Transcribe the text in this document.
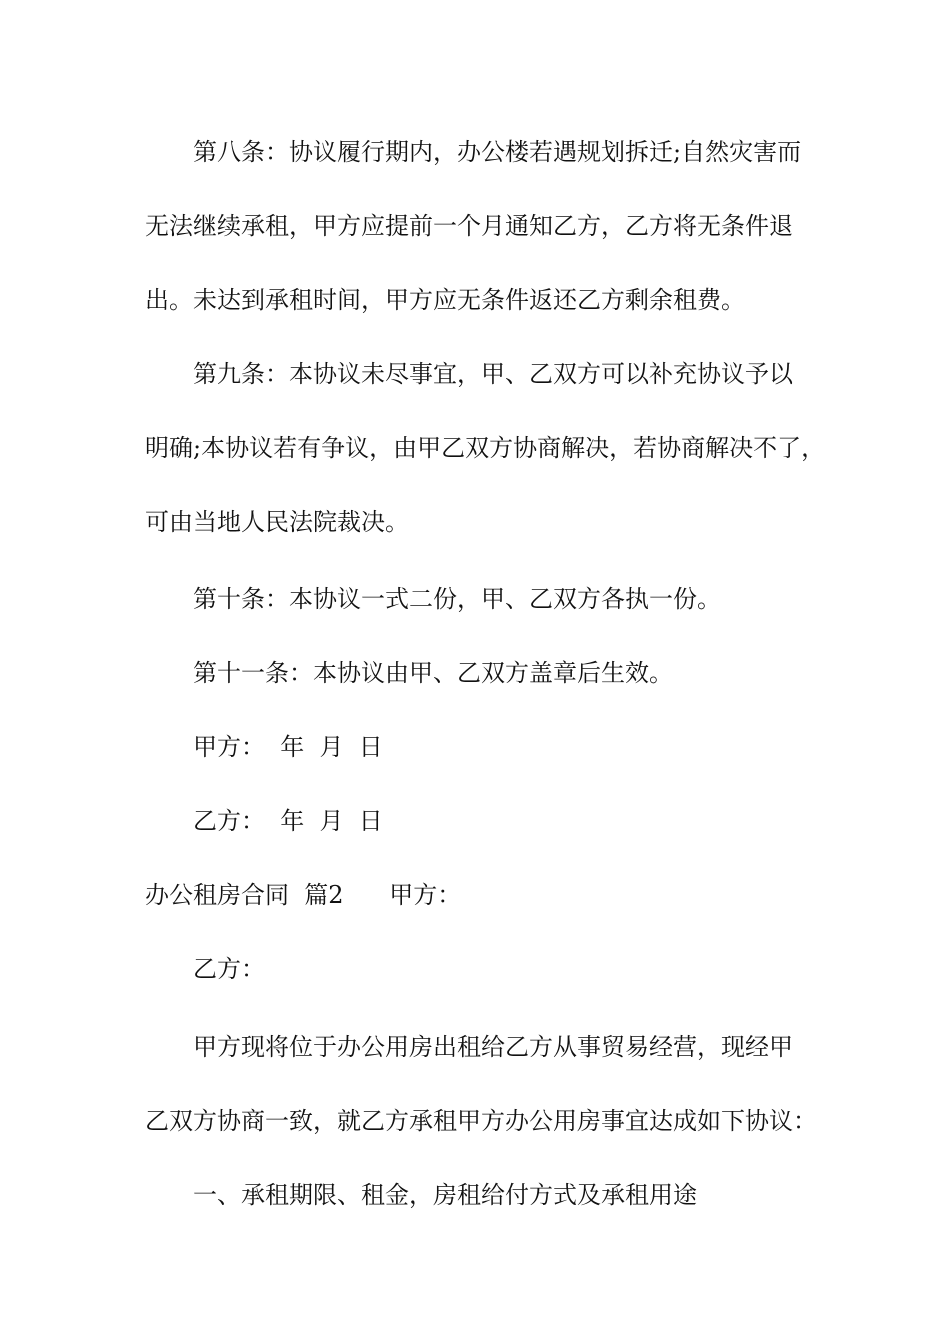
第八条：协议履行期内，办公楼若遇规划拆迁;自然灾害而

无法继续承租，甲方应提前一个月通知乙方，乙方将无条件退

出。未达到承租时间，甲方应无条件返还乙方剩余租费。

第九条：本协议未尽事宜，甲、乙双方可以补充协议予以

明确;本协议若有争议，由甲乙双方协商解决，若协商解决不了，

可由当地人民法院裁决。

第十条：本协议一式二份，甲、乙双方各执一份。

第十一条：本协议由甲、乙双方盖章后生效。

甲方：  年  月  日

乙方：  年  月  日

办公租房合同  篇2      甲方：

乙方：

甲方现将位于办公用房出租给乙方从事贸易经营，现经甲

乙双方协商一致，就乙方承租甲方办公用房事宜达成如下协议：

一、承租期限、租金，房租给付方式及承租用途
